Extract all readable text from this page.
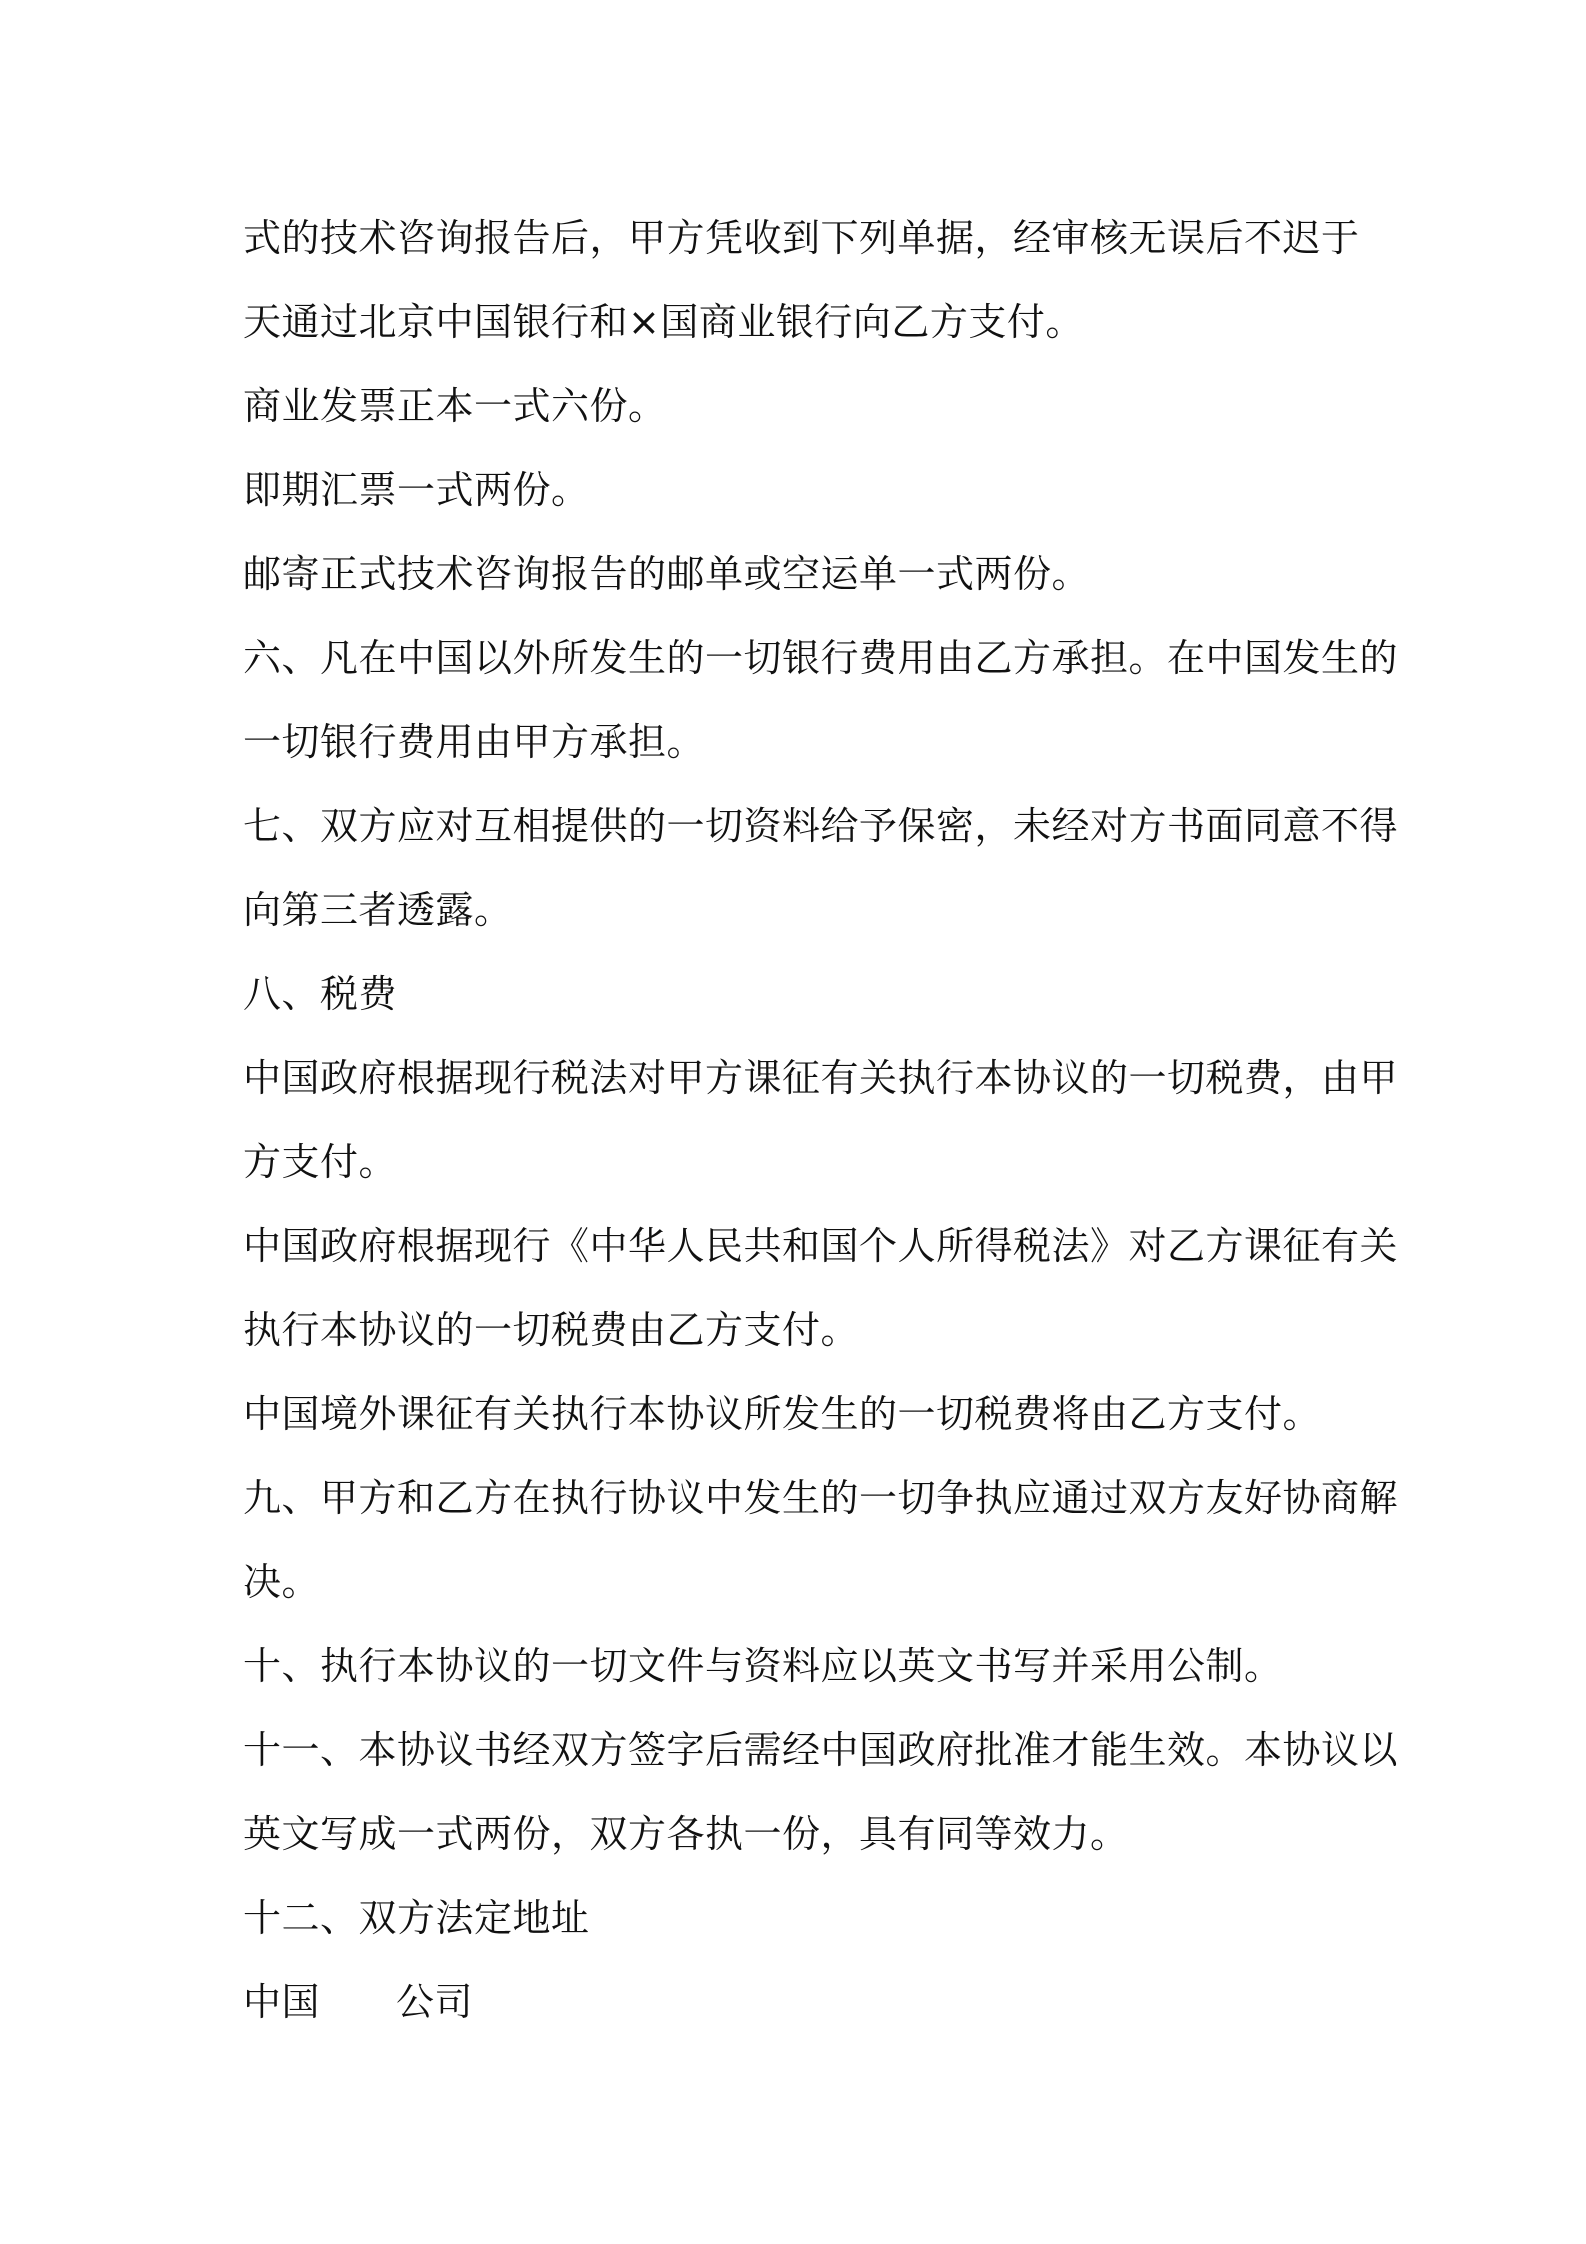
式的技术咨询报告后，甲方凭收到下列单据，经审核无误后不迟于
天通过北京中国银行和×国商业银行向乙方支付。
商业发票正本一式六份。
即期汇票一式两份。
邮寄正式技术咨询报告的邮单或空运单一式两份。
六、凡在中国以外所发生的一切银行费用由乙方承担。在中国发生的
一切银行费用由甲方承担。
七、双方应对互相提供的一切资料给予保密，未经对方书面同意不得
向第三者透露。
八、税费
中国政府根据现行税法对甲方课征有关执行本协议的一切税费，由甲
方支付。
中国政府根据现行《中华人民共和国个人所得税法》对乙方课征有关
执行本协议的一切税费由乙方支付。
中国境外课征有关执行本协议所发生的一切税费将由乙方支付。
九、甲方和乙方在执行协议中发生的一切争执应通过双方友好协商解
决。
十、执行本协议的一切文件与资料应以英文书写并采用公制。
十一、本协议书经双方签字后需经中国政府批准才能生效。本协议以
英文写成一式两份，双方各执一份，具有同等效力。
十二、双方法定地址
中国 公司
